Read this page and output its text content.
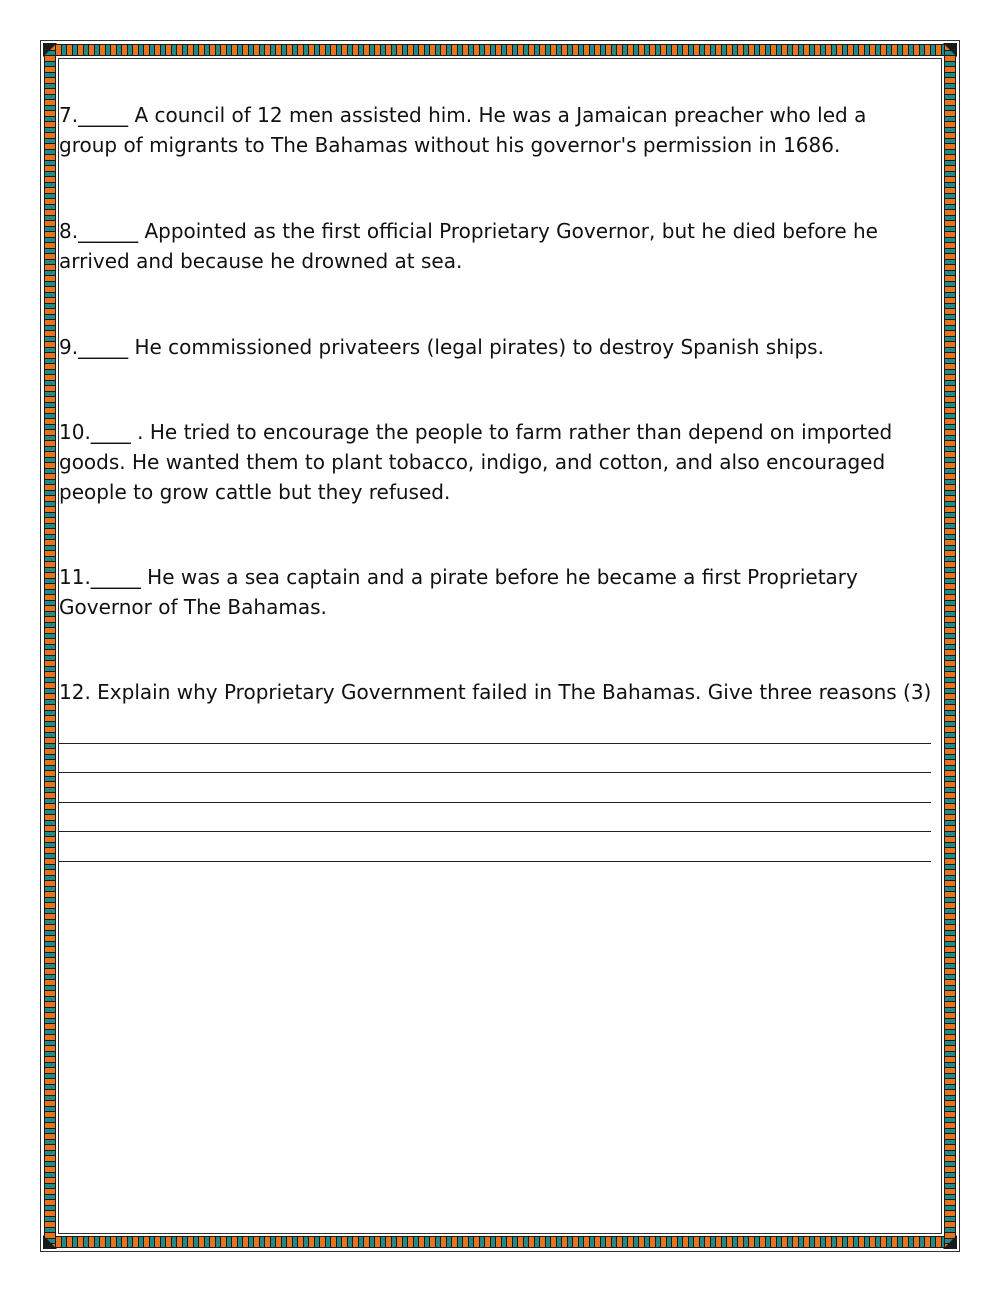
7._____ A council of 12 men assisted him. He was a Jamaican preacher who led a group of migrants to The Bahamas without his governor's permission in 1686.

8.______ Appointed as the first official Proprietary Governor, but he died before he arrived and because he drowned at sea.

9._____ He commissioned privateers (legal pirates) to destroy Spanish ships.

10.____ . He tried to encourage the people to farm rather than depend on imported goods. He wanted them to plant tobacco, indigo, and cotton, and also encouraged people to grow cattle but they refused.

11._____ He was a sea captain and a pirate before he became a first Proprietary Governor of The Bahamas.

12. Explain why Proprietary Government failed in The Bahamas. Give three reasons (3)
